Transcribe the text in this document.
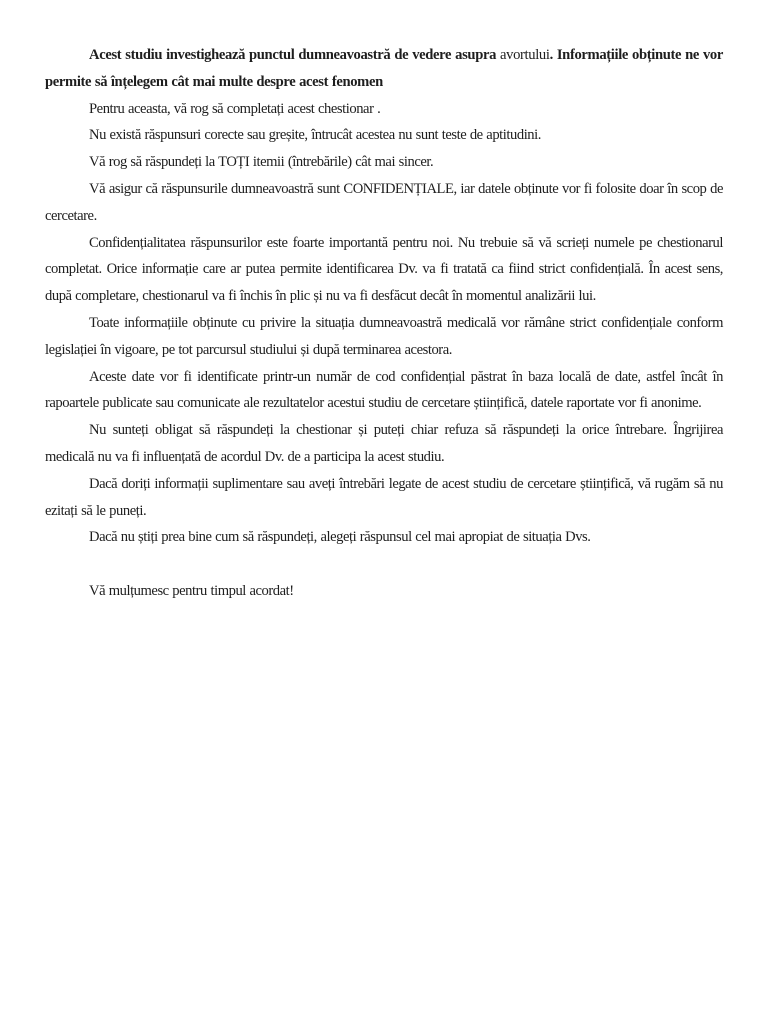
Acest studiu investighează punctul dumneavoastră de vedere asupra avortului. Informațiile obținute ne vor permite să înțelegem cât mai multe despre acest fenomen

Pentru aceasta, vă rog să completați acest chestionar .

Nu există răspunsuri corecte sau greșite, întrucât acestea nu sunt teste de aptitudini.

Vă rog să răspundeți la TOȚI itemii (întrebările) cât mai sincer.

Vă asigur că răspunsurile dumneavoastră sunt CONFIDENȚIALE, iar datele obținute vor fi folosite doar în scop de cercetare.

Confidențialitatea răspunsurilor este foarte importantă pentru noi. Nu trebuie să vă scrieți numele pe chestionarul completat. Orice informație care ar putea permite identificarea Dv. va fi tratată ca fiind strict confidențială. În acest sens, după completare, chestionarul va fi închis în plic și nu va fi desfăcut decât în momentul analizării lui.

Toate informațiile obținute cu privire la situația dumneavoastră medicală vor rămâne strict confidențiale conform legislației în vigoare, pe tot parcursul studiului și după terminarea acestora.

Aceste date vor fi identificate printr-un număr de cod confidențial păstrat în baza locală de date, astfel încât în rapoartele publicate sau comunicate ale rezultatelor acestui studiu de cercetare științifică, datele raportate vor fi anonime.

Nu sunteți obligat să răspundeți la chestionar și puteți chiar refuza să răspundeți la orice întrebare. Îngrijirea medicală nu va fi influențată de acordul Dv. de a participa la acest studiu.

Dacă doriți informații suplimentare sau aveți întrebări legate de acest studiu de cercetare științifică, vă rugăm să nu ezitați să le puneți.

Dacă nu știți prea bine cum să răspundeți, alegeți răspunsul cel mai apropiat de situația Dvs.

Vă mulțumesc pentru timpul acordat!
